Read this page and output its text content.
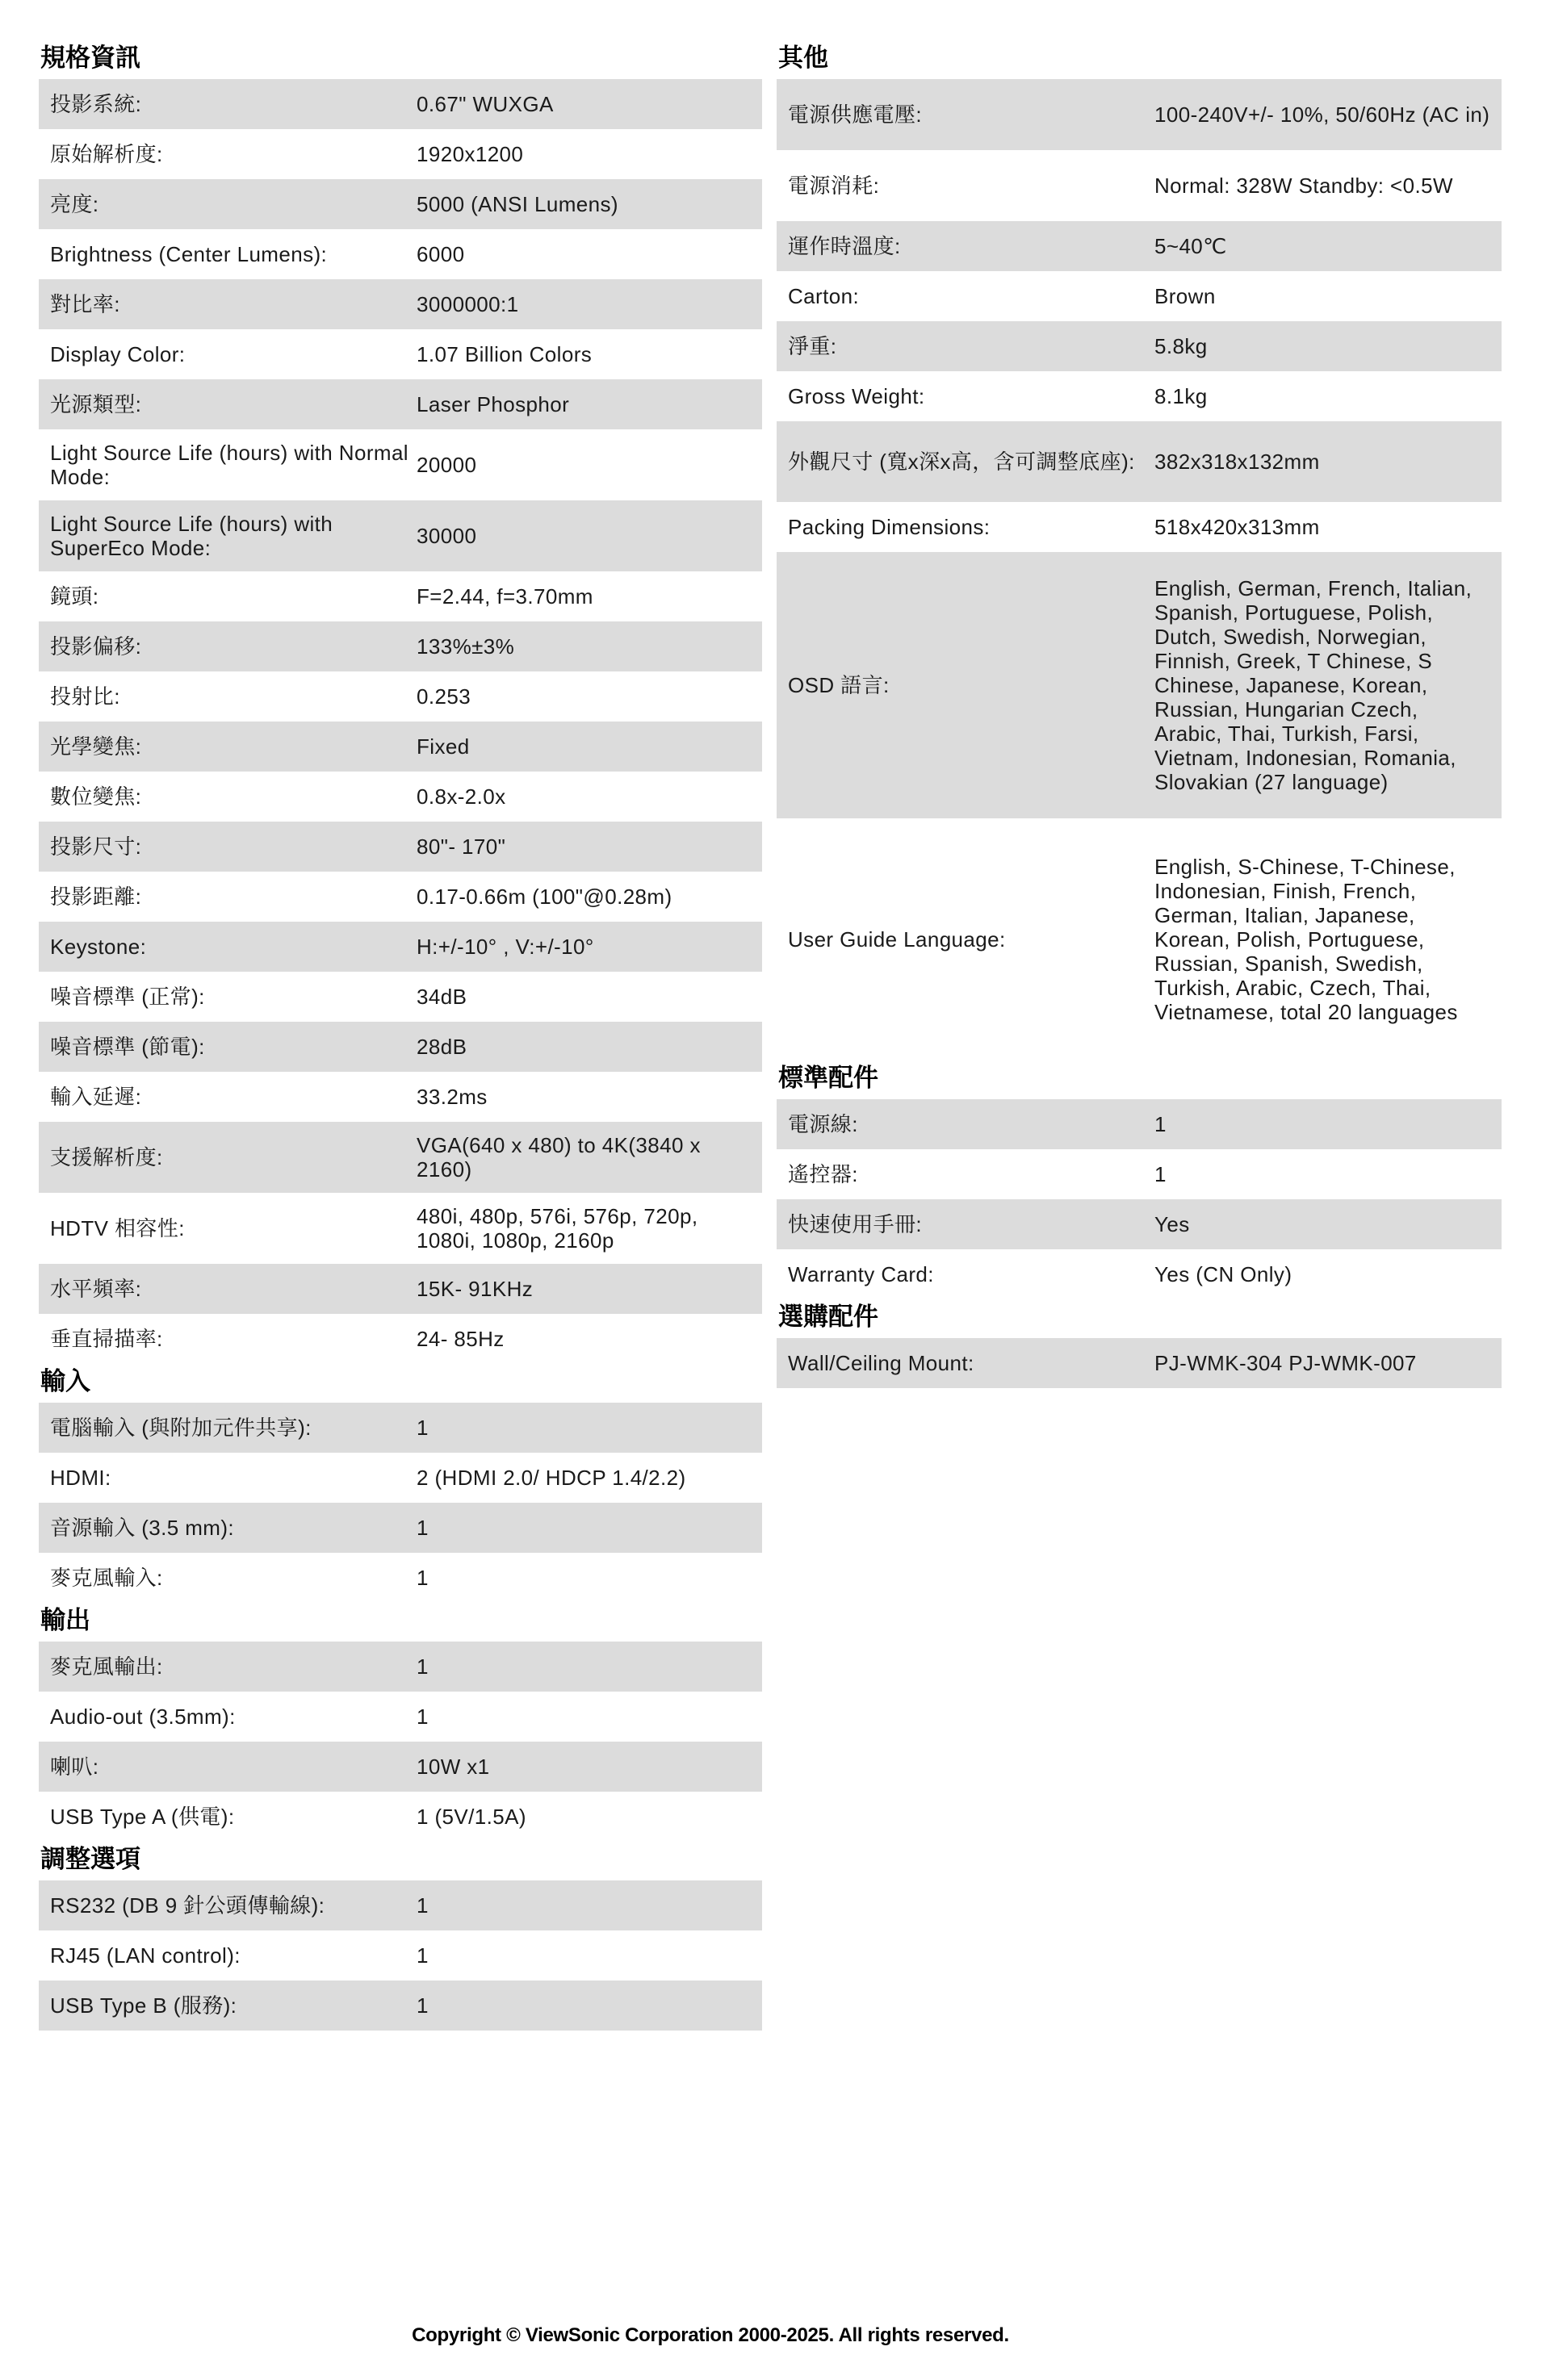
規格資訊
投影系統:	0.67" WUXGA
原始解析度:	1920x1200
亮度:	5000 (ANSI Lumens)
Brightness (Center Lumens):	6000
對比率:	3000000:1
Display Color:	1.07 Billion Colors
光源類型:	Laser Phosphor
Light Source Life (hours) with Normal Mode:	20000
Light Source Life (hours) with SuperEco Mode:	30000
鏡頭:	F=2.44, f=3.70mm
投影偏移:	133%±3%
投射比:	0.253
光學變焦:	Fixed
數位變焦:	0.8x-2.0x
投影尺寸:	80"- 170"
投影距離:	0.17-0.66m (100"@0.28m)
Keystone:	H:+/-10° , V:+/-10°
噪音標準 (正常):	34dB
噪音標準 (節電):	28dB
輸入延遲:	33.2ms
支援解析度:	VGA(640 x 480) to 4K(3840 x 2160)
HDTV 相容性:	480i, 480p, 576i, 576p, 720p, 1080i, 1080p, 2160p
水平頻率:	15K- 91KHz
垂直掃描率:	24- 85Hz
輸入
電腦輸入 (與附加元件共享):	1
HDMI:	2 (HDMI 2.0/ HDCP 1.4/2.2)
音源輸入 (3.5 mm):	1
麥克風輸入:	1
輸出
麥克風輸出:	1
Audio-out (3.5mm):	1
喇叭:	10W x1
USB Type A (供電):	1 (5V/1.5A)
調整選項
RS232 (DB 9 針公頭傳輸線):	1
RJ45 (LAN control):	1
USB Type B (服務):	1
其他
電源供應電壓:	100-240V+/- 10%, 50/60Hz (AC in)
電源消耗:	Normal: 328W Standby: <0.5W
運作時溫度:	5~40℃
Carton:	Brown
淨重:	5.8kg
Gross Weight:	8.1kg
外觀尺寸 (寬x深x高，含可調整底座): 382x318x132mm
Packing Dimensions:	518x420x313mm
OSD 語言:
English, German, French, Italian, Spanish, Portuguese, Polish, Dutch, Swedish, Norwegian, Finnish, Greek, T Chinese, S Chinese, Japanese, Korean, Russian, Hungarian Czech, Arabic, Thai, Turkish, Farsi, Vietnam, Indonesian, Romania, Slovakian (27 language)
User Guide Language:
English, S-Chinese, T-Chinese, Indonesian, Finish, French, German, Italian, Japanese, Korean, Polish, Portuguese, Russian, Spanish, Swedish, Turkish, Arabic, Czech, Thai, Vietnamese, total 20 languages
標準配件
電源線:	1
遙控器:	1
快速使用手冊:	Yes
Warranty Card:	Yes (CN Only)
選購配件
Wall/Ceiling Mount:	PJ-WMK-304 PJ-WMK-007
Copyright © ViewSonic Corporation 2000-2025. All rights reserved.
